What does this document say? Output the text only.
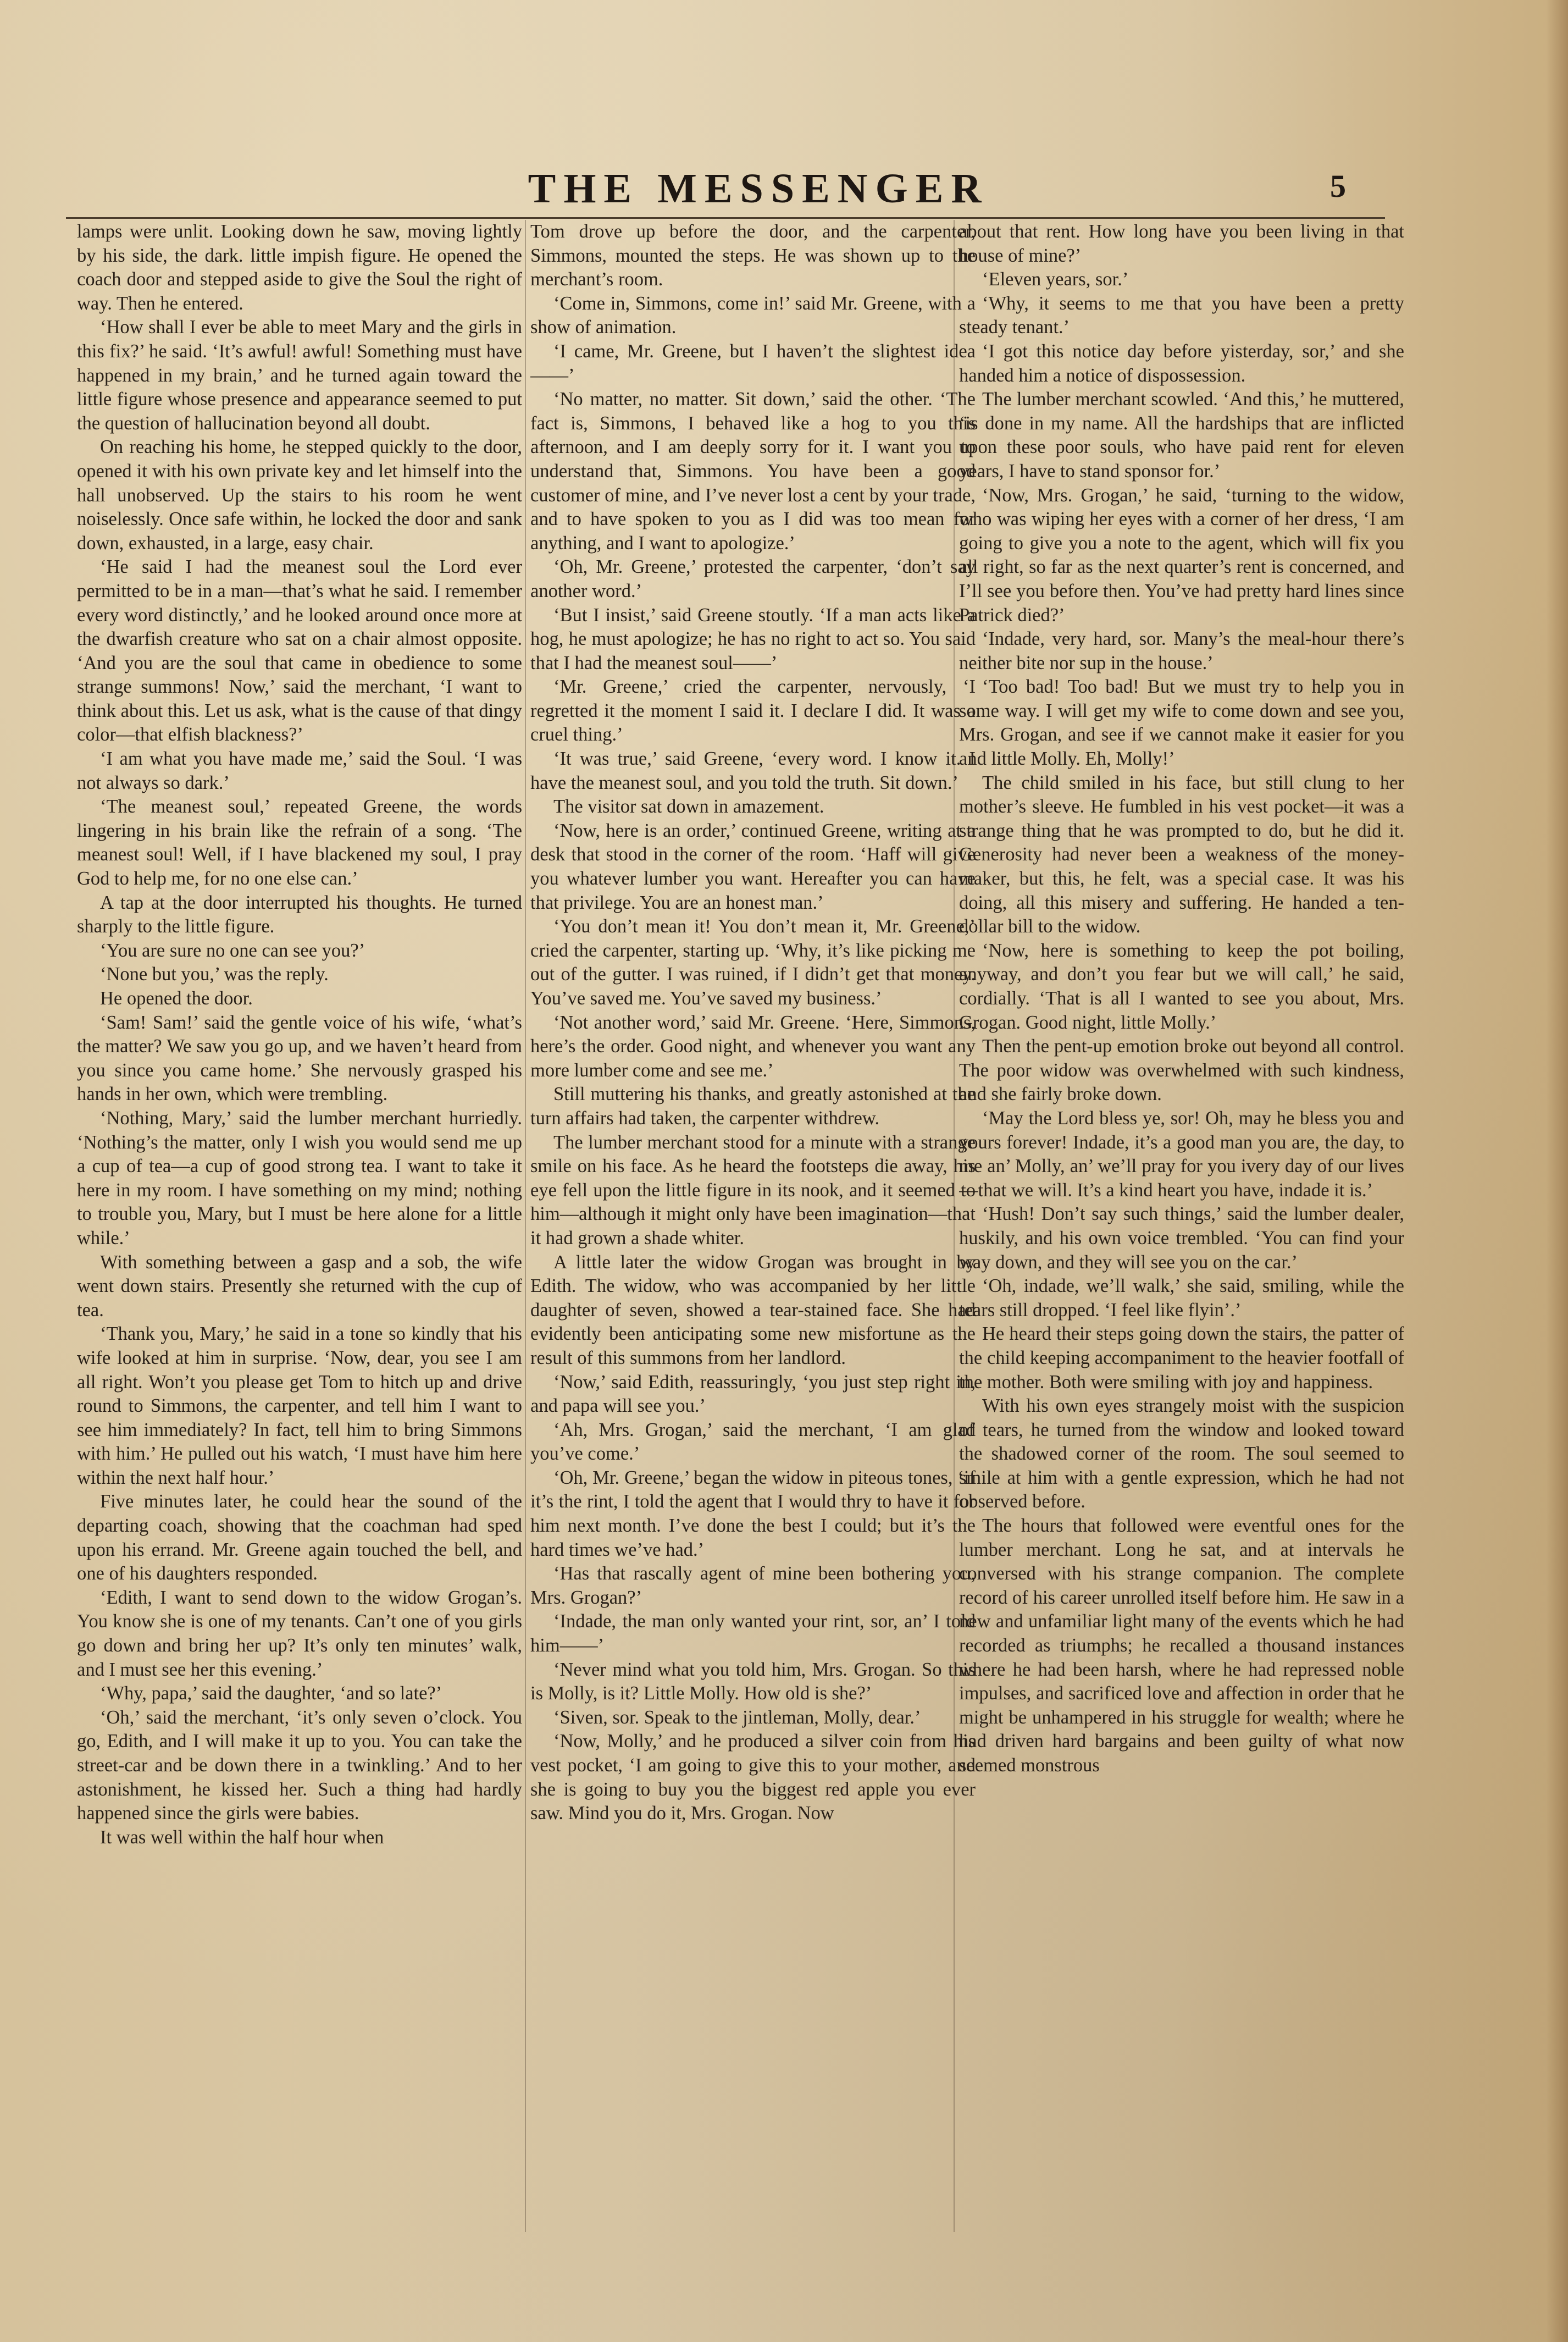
THE MESSENGER	5

lamps were unlit. Looking down he saw, moving lightly by his side, the dark. little impish figure. He opened the coach door and stepped aside to give the Soul the right of way. Then he entered.

‘How shall I ever be able to meet Mary and the girls in this fix?’ he said. ‘It’s awful! awful! Something must have happened in my brain,’ and he turned again toward the little figure whose presence and appearance seemed to put the question of hallucination beyond all doubt.

On reaching his home, he stepped quickly to the door, opened it with his own private key and let himself into the hall unobserved. Up the stairs to his room he went noiselessly. Once safe within, he locked the door and sank down, exhausted, in a large, easy chair.

‘He said I had the meanest soul the Lord ever permitted to be in a man—that’s what he said. I remember every word distinctly,’ and he looked around once more at the dwarfish creature who sat on a chair almost opposite. ‘And you are the soul that came in obedience to some strange summons! Now,’ said the merchant, ‘I want to think about this. Let us ask, what is the cause of that dingy color—that elfish blackness?’

‘I am what you have made me,’ said the Soul. ‘I was not always so dark.’

‘The meanest soul,’ repeated Greene, the words lingering in his brain like the refrain of a song. ‘The meanest soul! Well, if I have blackened my soul, I pray God to help me, for no one else can.’

A tap at the door interrupted his thoughts. He turned sharply to the little figure.

‘You are sure no one can see you?’

‘None but you,’ was the reply.

He opened the door.

‘Sam! Sam!’ said the gentle voice of his wife, ‘what’s the matter? We saw you go up, and we haven’t heard from you since you came home.’ She nervously grasped his hands in her own, which were trembling.

‘Nothing, Mary,’ said the lumber merchant hurriedly. ‘Nothing’s the matter, only I wish you would send me up a cup of tea—a cup of good strong tea. I want to take it here in my room. I have something on my mind; nothing to trouble you, Mary, but I must be here alone for a little while.’

With something between a gasp and a sob, the wife went down stairs. Presently she returned with the cup of tea.

‘Thank you, Mary,’ he said in a tone so kindly that his wife looked at him in surprise. ‘Now, dear, you see I am all right. Won’t you please get Tom to hitch up and drive round to Simmons, the carpenter, and tell him I want to see him immediately? In fact, tell him to bring Simmons with him.’ He pulled out his watch, ‘I must have him here within the next half hour.’

Five minutes later, he could hear the sound of the departing coach, showing that the coachman had sped upon his errand. Mr. Greene again touched the bell, and one of his daughters responded.

‘Edith, I want to send down to the widow Grogan’s. You know she is one of my tenants. Can’t one of you girls go down and bring her up? It’s only ten minutes’ walk, and I must see her this evening.’

‘Why, papa,’ said the daughter, ‘and so late?’

‘Oh,’ said the merchant, ‘it’s only seven o’clock. You go, Edith, and I will make it up to you. You can take the street-car and be down there in a twinkling.’ And to her astonishment, he kissed her. Such a thing had hardly happened since the girls were babies.

It was well within the half hour when

Tom drove up before the door, and the carpenter, Simmons, mounted the steps. He was shown up to the merchant’s room.

‘Come in, Simmons, come in!’ said Mr. Greene, with a show of animation.

‘I came, Mr. Greene, but I haven’t the slightest idea——’

‘No matter, no matter. Sit down,’ said the other. ‘The fact is, Simmons, I behaved like a hog to you this afternoon, and I am deeply sorry for it. I want you to understand that, Simmons. You have been a good customer of mine, and I’ve never lost a cent by your trade, and to have spoken to you as I did was too mean for anything, and I want to apologize.’

‘Oh, Mr. Greene,’ protested the carpenter, ‘don’t say another word.’

‘But I insist,’ said Greene stoutly. ‘If a man acts like a hog, he must apologize; he has no right to act so. You said that I had the meanest soul——’

‘Mr. Greene,’ cried the carpenter, nervously, ‘I regretted it the moment I said it. I declare I did. It was a cruel thing.’

‘It was true,’ said Greene, ‘every word. I know it. I have the meanest soul, and you told the truth. Sit down.’

The visitor sat down in amazement.

‘Now, here is an order,’ continued Greene, writing at a desk that stood in the corner of the room. ‘Haff will give you whatever lumber you want. Hereafter you can have that privilege. You are an honest man.’

‘You don’t mean it! You don’t mean it, Mr. Greene,’ cried the carpenter, starting up. ‘Why, it’s like picking me out of the gutter. I was ruined, if I didn’t get that money. You’ve saved me. You’ve saved my business.’

‘Not another word,’ said Mr. Greene. ‘Here, Simmons, here’s the order. Good night, and whenever you want any more lumber come and see me.’

Still muttering his thanks, and greatly astonished at the turn affairs had taken, the carpenter withdrew.

The lumber merchant stood for a minute with a strange smile on his face. As he heard the footsteps die away, his eye fell upon the little figure in its nook, and it seemed to him—although it might only have been imagination—that it had grown a shade whiter.

A little later the widow Grogan was brought in by Edith. The widow, who was accompanied by her little daughter of seven, showed a tear-stained face. She had evidently been anticipating some new misfortune as the result of this summons from her landlord.

‘Now,’ said Edith, reassuringly, ‘you just step right in, and papa will see you.’

‘Ah, Mrs. Grogan,’ said the merchant, ‘I am glad you’ve come.’

‘Oh, Mr. Greene,’ began the widow in piteous tones, ‘if it’s the rint, I told the agent that I would thry to have it for him next month. I’ve done the best I could; but it’s the hard times we’ve had.’

‘Has that rascally agent of mine been bothering you, Mrs. Grogan?’

‘Indade, the man only wanted your rint, sor, an’ I told him——’

‘Never mind what you told him, Mrs. Grogan. So this is Molly, is it? Little Molly. How old is she?’

‘Siven, sor. Speak to the jintleman, Molly, dear.’

‘Now, Molly,’ and he produced a silver coin from his vest pocket, ‘I am going to give this to your mother, and she is going to buy you the biggest red apple you ever saw. Mind you do it, Mrs. Grogan. Now

about that rent. How long have you been living in that house of mine?’

‘Eleven years, sor.’

‘Why, it seems to me that you have been a pretty steady tenant.’

‘I got this notice day before yisterday, sor,’ and she handed him a notice of dispossession.

The lumber merchant scowled. ‘And this,’ he muttered, ‘is done in my name. All the hardships that are inflicted upon these poor souls, who have paid rent for eleven years, I have to stand sponsor for.’

‘Now, Mrs. Grogan,’ he said, ‘turning to the widow, who was wiping her eyes with a corner of her dress, ‘I am going to give you a note to the agent, which will fix you all right, so far as the next quarter’s rent is concerned, and I’ll see you before then. You’ve had pretty hard lines since Patrick died?’

‘Indade, very hard, sor. Many’s the meal-hour there’s neither bite nor sup in the house.’

‘Too bad! Too bad! But we must try to help you in some way. I will get my wife to come down and see you, Mrs. Grogan, and see if we cannot make it easier for you and little Molly. Eh, Molly!’

The child smiled in his face, but still clung to her mother’s sleeve. He fumbled in his vest pocket—it was a strange thing that he was prompted to do, but he did it. Generosity had never been a weakness of the money-maker, but this, he felt, was a special case. It was his doing, all this misery and suffering. He handed a ten-dollar bill to the widow.

‘Now, here is something to keep the pot boiling, anyway, and don’t you fear but we will call,’ he said, cordially. ‘That is all I wanted to see you about, Mrs. Grogan. Good night, little Molly.’

Then the pent-up emotion broke out beyond all control. The poor widow was overwhelmed with such kindness, and she fairly broke down.

‘May the Lord bless ye, sor! Oh, may he bless you and yours forever! Indade, it’s a good man you are, the day, to me an’ Molly, an’ we’ll pray for you ivery day of our lives—that we will. It’s a kind heart you have, indade it is.’

‘Hush! Don’t say such things,’ said the lumber dealer, huskily, and his own voice trembled. ‘You can find your way down, and they will see you on the car.’

‘Oh, indade, we’ll walk,’ she said, smiling, while the tears still dropped. ‘I feel like flyin’.’

He heard their steps going down the stairs, the patter of the child keeping accompaniment to the heavier footfall of the mother. Both were smiling with joy and happiness.

With his own eyes strangely moist with the suspicion of tears, he turned from the window and looked toward the shadowed corner of the room. The soul seemed to smile at him with a gentle expression, which he had not observed before.

The hours that followed were eventful ones for the lumber merchant. Long he sat, and at intervals he conversed with his strange companion. The complete record of his career unrolled itself before him. He saw in a new and unfamiliar light many of the events which he had recorded as triumphs; he recalled a thousand instances where he had been harsh, where he had repressed noble impulses, and sacrificed love and affection in order that he might be unhampered in his struggle for wealth; where he had driven hard bargains and been guilty of what now seemed monstrous
